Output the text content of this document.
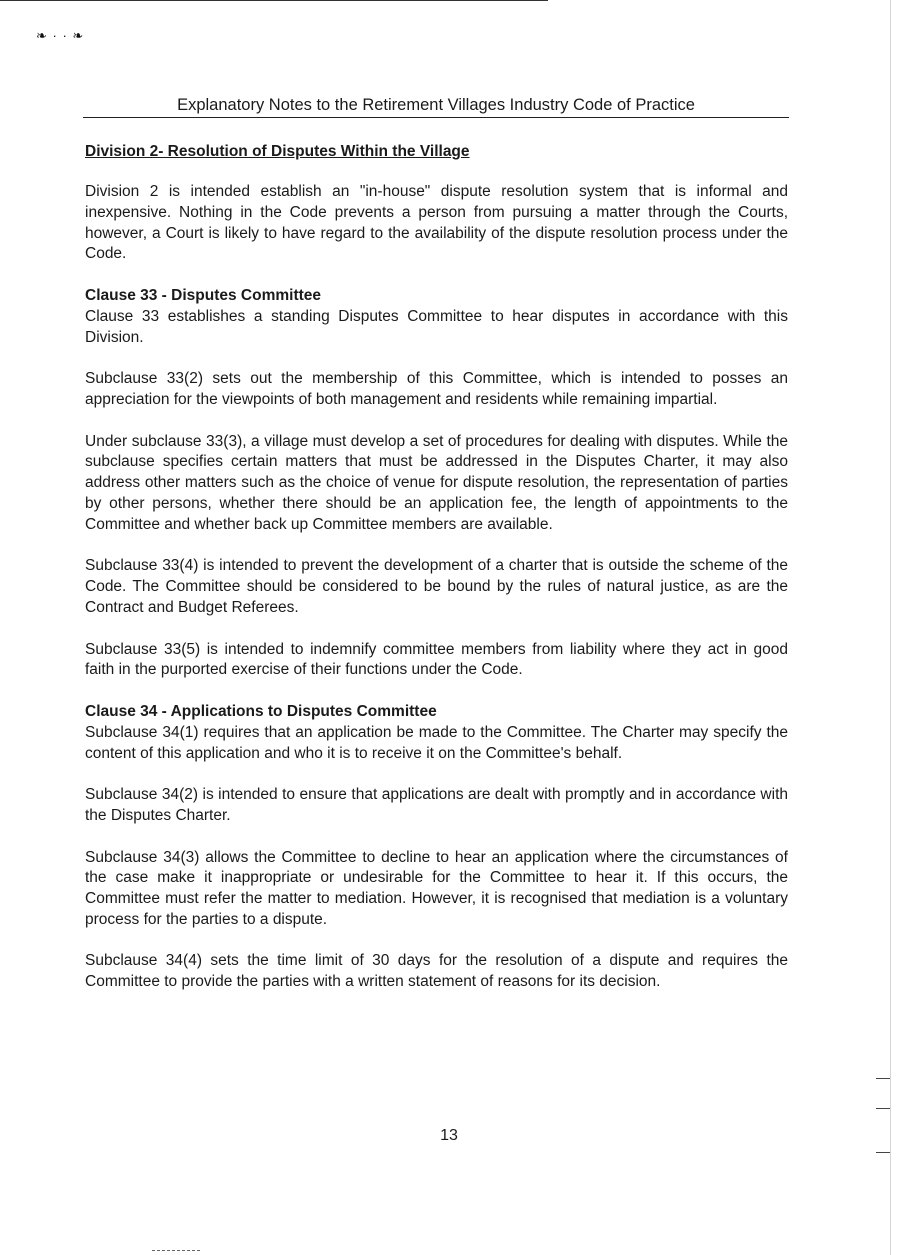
❧ · · ❧
Explanatory Notes to the Retirement Villages Industry Code of Practice

Division 2- Resolution of Disputes Within the Village

Division 2 is intended establish an "in-house" dispute resolution system that is informal and inexpensive. Nothing in the Code prevents a person from pursuing a matter through the Courts, however, a Court is likely to have regard to the availability of the dispute resolution process under the Code.

Clause 33 - Disputes Committee

Clause 33 establishes a standing Disputes Committee to hear disputes in accordance with this Division.

Subclause 33(2) sets out the membership of this Committee, which is intended to posses an appreciation for the viewpoints of both management and residents while remaining impartial.

Under subclause 33(3), a village must develop a set of procedures for dealing with disputes. While the subclause specifies certain matters that must be addressed in the Disputes Charter, it may also address other matters such as the choice of venue for dispute resolution, the representation of parties by other persons, whether there should be an application fee, the length of appointments to the Committee and whether back up Committee members are available.

Subclause 33(4) is intended to prevent the development of a charter that is outside the scheme of the Code. The Committee should be considered to be bound by the rules of natural justice, as are the Contract and Budget Referees.

Subclause 33(5) is intended to indemnify committee members from liability where they act in good faith in the purported exercise of their functions under the Code.

Clause 34 - Applications to Disputes Committee

Subclause 34(1) requires that an application be made to the Committee. The Charter may specify the content of this application and who it is to receive it on the Committee's behalf.

Subclause 34(2) is intended to ensure that applications are dealt with promptly and in accordance with the Disputes Charter.

Subclause 34(3) allows the Committee to decline to hear an application where the circumstances of the case make it inappropriate or undesirable for the Committee to hear it. If this occurs, the Committee must refer the matter to mediation. However, it is recognised that mediation is a voluntary process for the parties to a dispute.

Subclause 34(4) sets the time limit of 30 days for the resolution of a dispute and requires the Committee to provide the parties with a written statement of reasons for its decision.

13
